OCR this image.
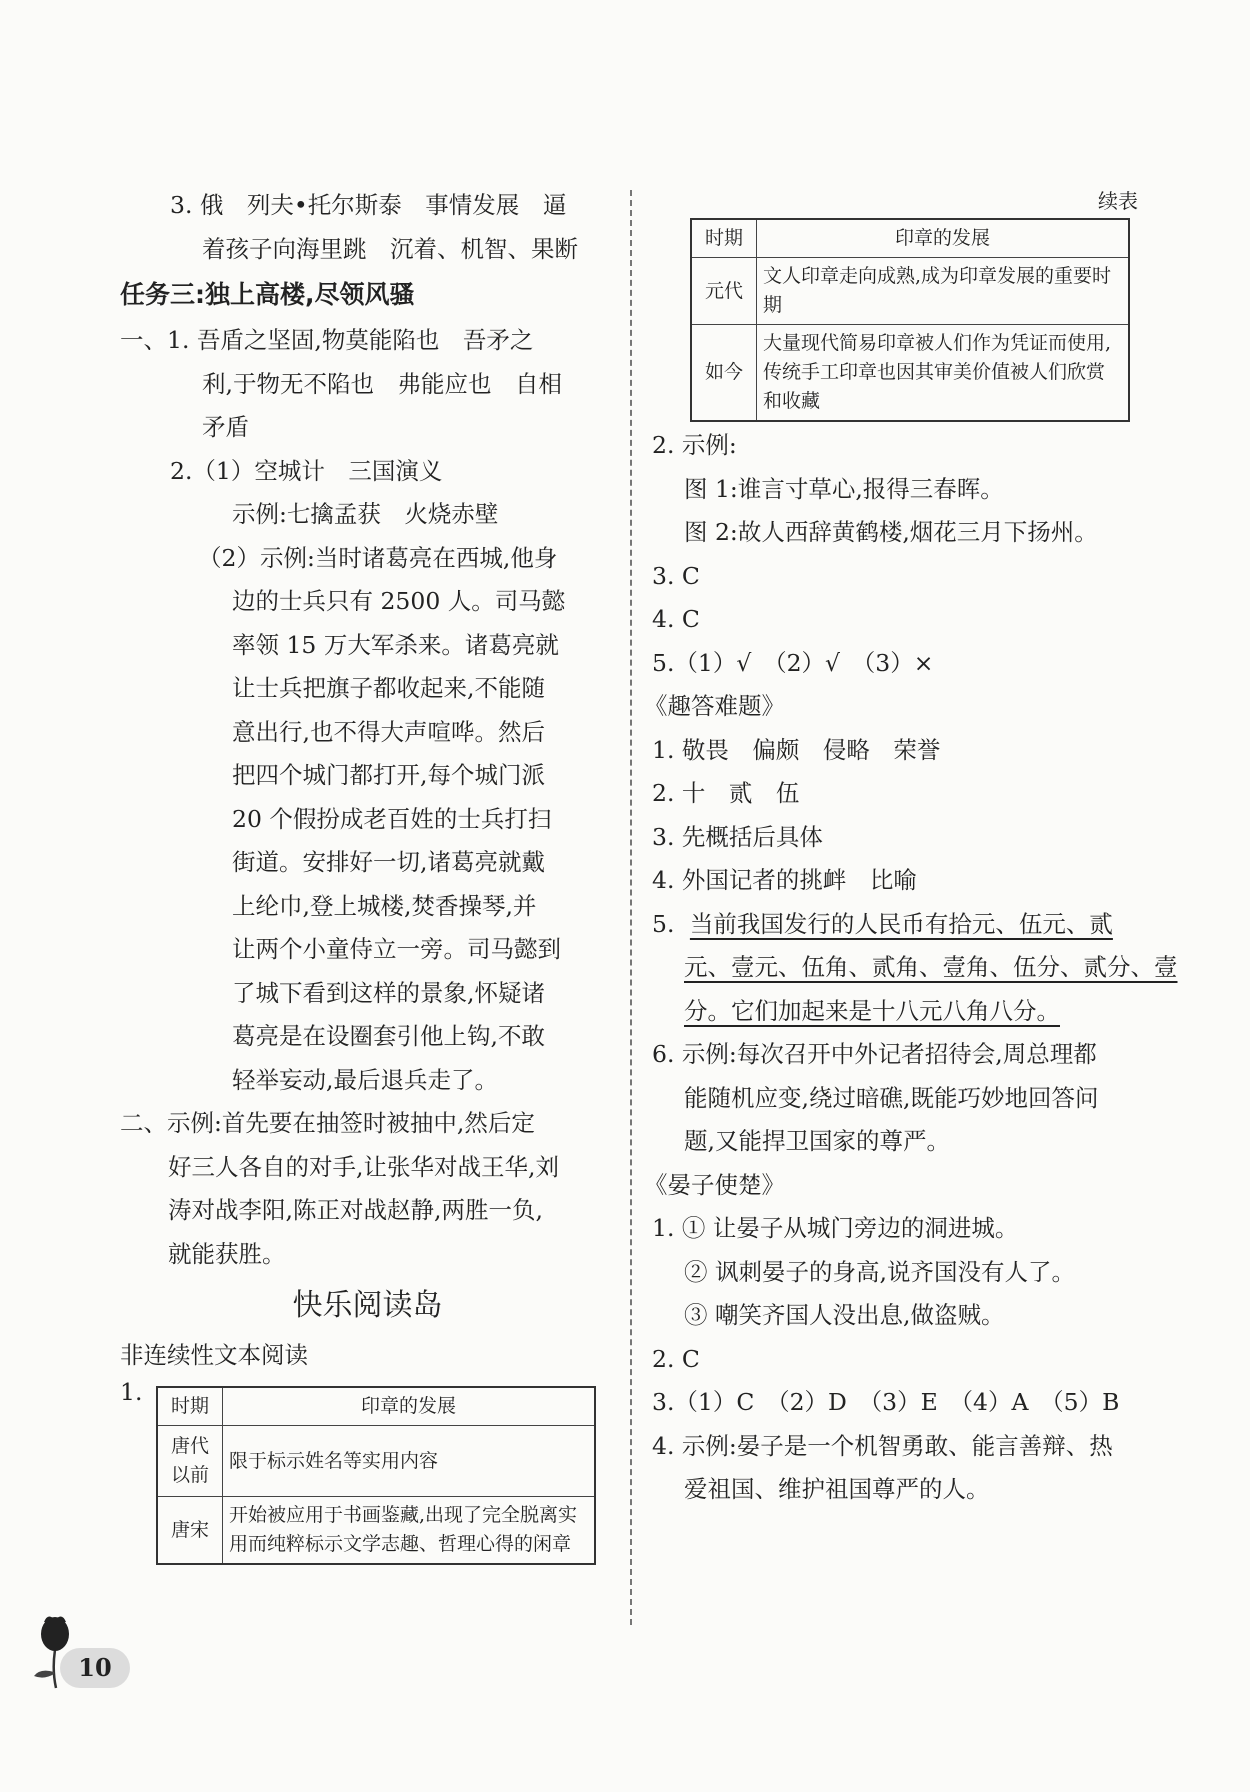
3. 俄　列夫•托尔斯泰　事情发展　逼
着孩子向海里跳　沉着、机智、果断
任务三:独上高楼,尽领风骚
一、1. 吾盾之坚固,物莫能陷也　吾矛之
利,于物无不陷也　弗能应也　自相
矛盾
2.（1）空城计　三国演义
示例:七擒孟获　火烧赤壁
（2）示例:当时诸葛亮在西城,他身
边的士兵只有 2500 人。司马懿
率领 15 万大军杀来。诸葛亮就
让士兵把旗子都收起来,不能随
意出行,也不得大声喧哗。然后
把四个城门都打开,每个城门派
20 个假扮成老百姓的士兵打扫
街道。安排好一切,诸葛亮就戴
上纶巾,登上城楼,焚香操琴,并
让两个小童侍立一旁。司马懿到
了城下看到这样的景象,怀疑诸
葛亮是在设圈套引他上钩,不敢
轻举妄动,最后退兵走了。
二、示例:首先要在抽签时被抽中,然后定
好三人各自的对手,让张华对战王华,刘
涛对战李阳,陈正对战赵静,两胜一负,
就能获胜。
快乐阅读岛
非连续性文本阅读
1. 时期	印章的发展
唐代以前	限于标示姓名等实用内容
唐宋	开始被应用于书画鉴藏,出现了完全脱离实用而纯粹标示文学志趣、哲理心得的闲章
续表
时期	印章的发展
元代	文人印章走向成熟,成为印章发展的重要时期
如今	大量现代简易印章被人们作为凭证而使用,传统手工印章也因其审美价值被人们欣赏和收藏
2. 示例:
图 1:谁言寸草心,报得三春晖。
图 2:故人西辞黄鹤楼,烟花三月下扬州。
3. C
4. C
5.（1）√　（2）√　（3）×
《趣答难题》
1. 敬畏　偏颇　侵略　荣誉
2. 十　贰　伍
3. 先概括后具体
4. 外国记者的挑衅　比喻
5. 当前我国发行的人民币有拾元、伍元、贰
元、壹元、伍角、贰角、壹角、伍分、贰分、壹
分。它们加起来是十八元八角八分。
6. 示例:每次召开中外记者招待会,周总理都
能随机应变,绕过暗礁,既能巧妙地回答问
题,又能捍卫国家的尊严。
《晏子使楚》
1. ① 让晏子从城门旁边的洞进城。
② 讽刺晏子的身高,说齐国没有人了。
③ 嘲笑齐国人没出息,做盗贼。
2. C
3.（1）C　（2）D　（3）E　（4）A　（5）B
4. 示例:晏子是一个机智勇敢、能言善辩、热
爱祖国、维护祖国尊严的人。
10
